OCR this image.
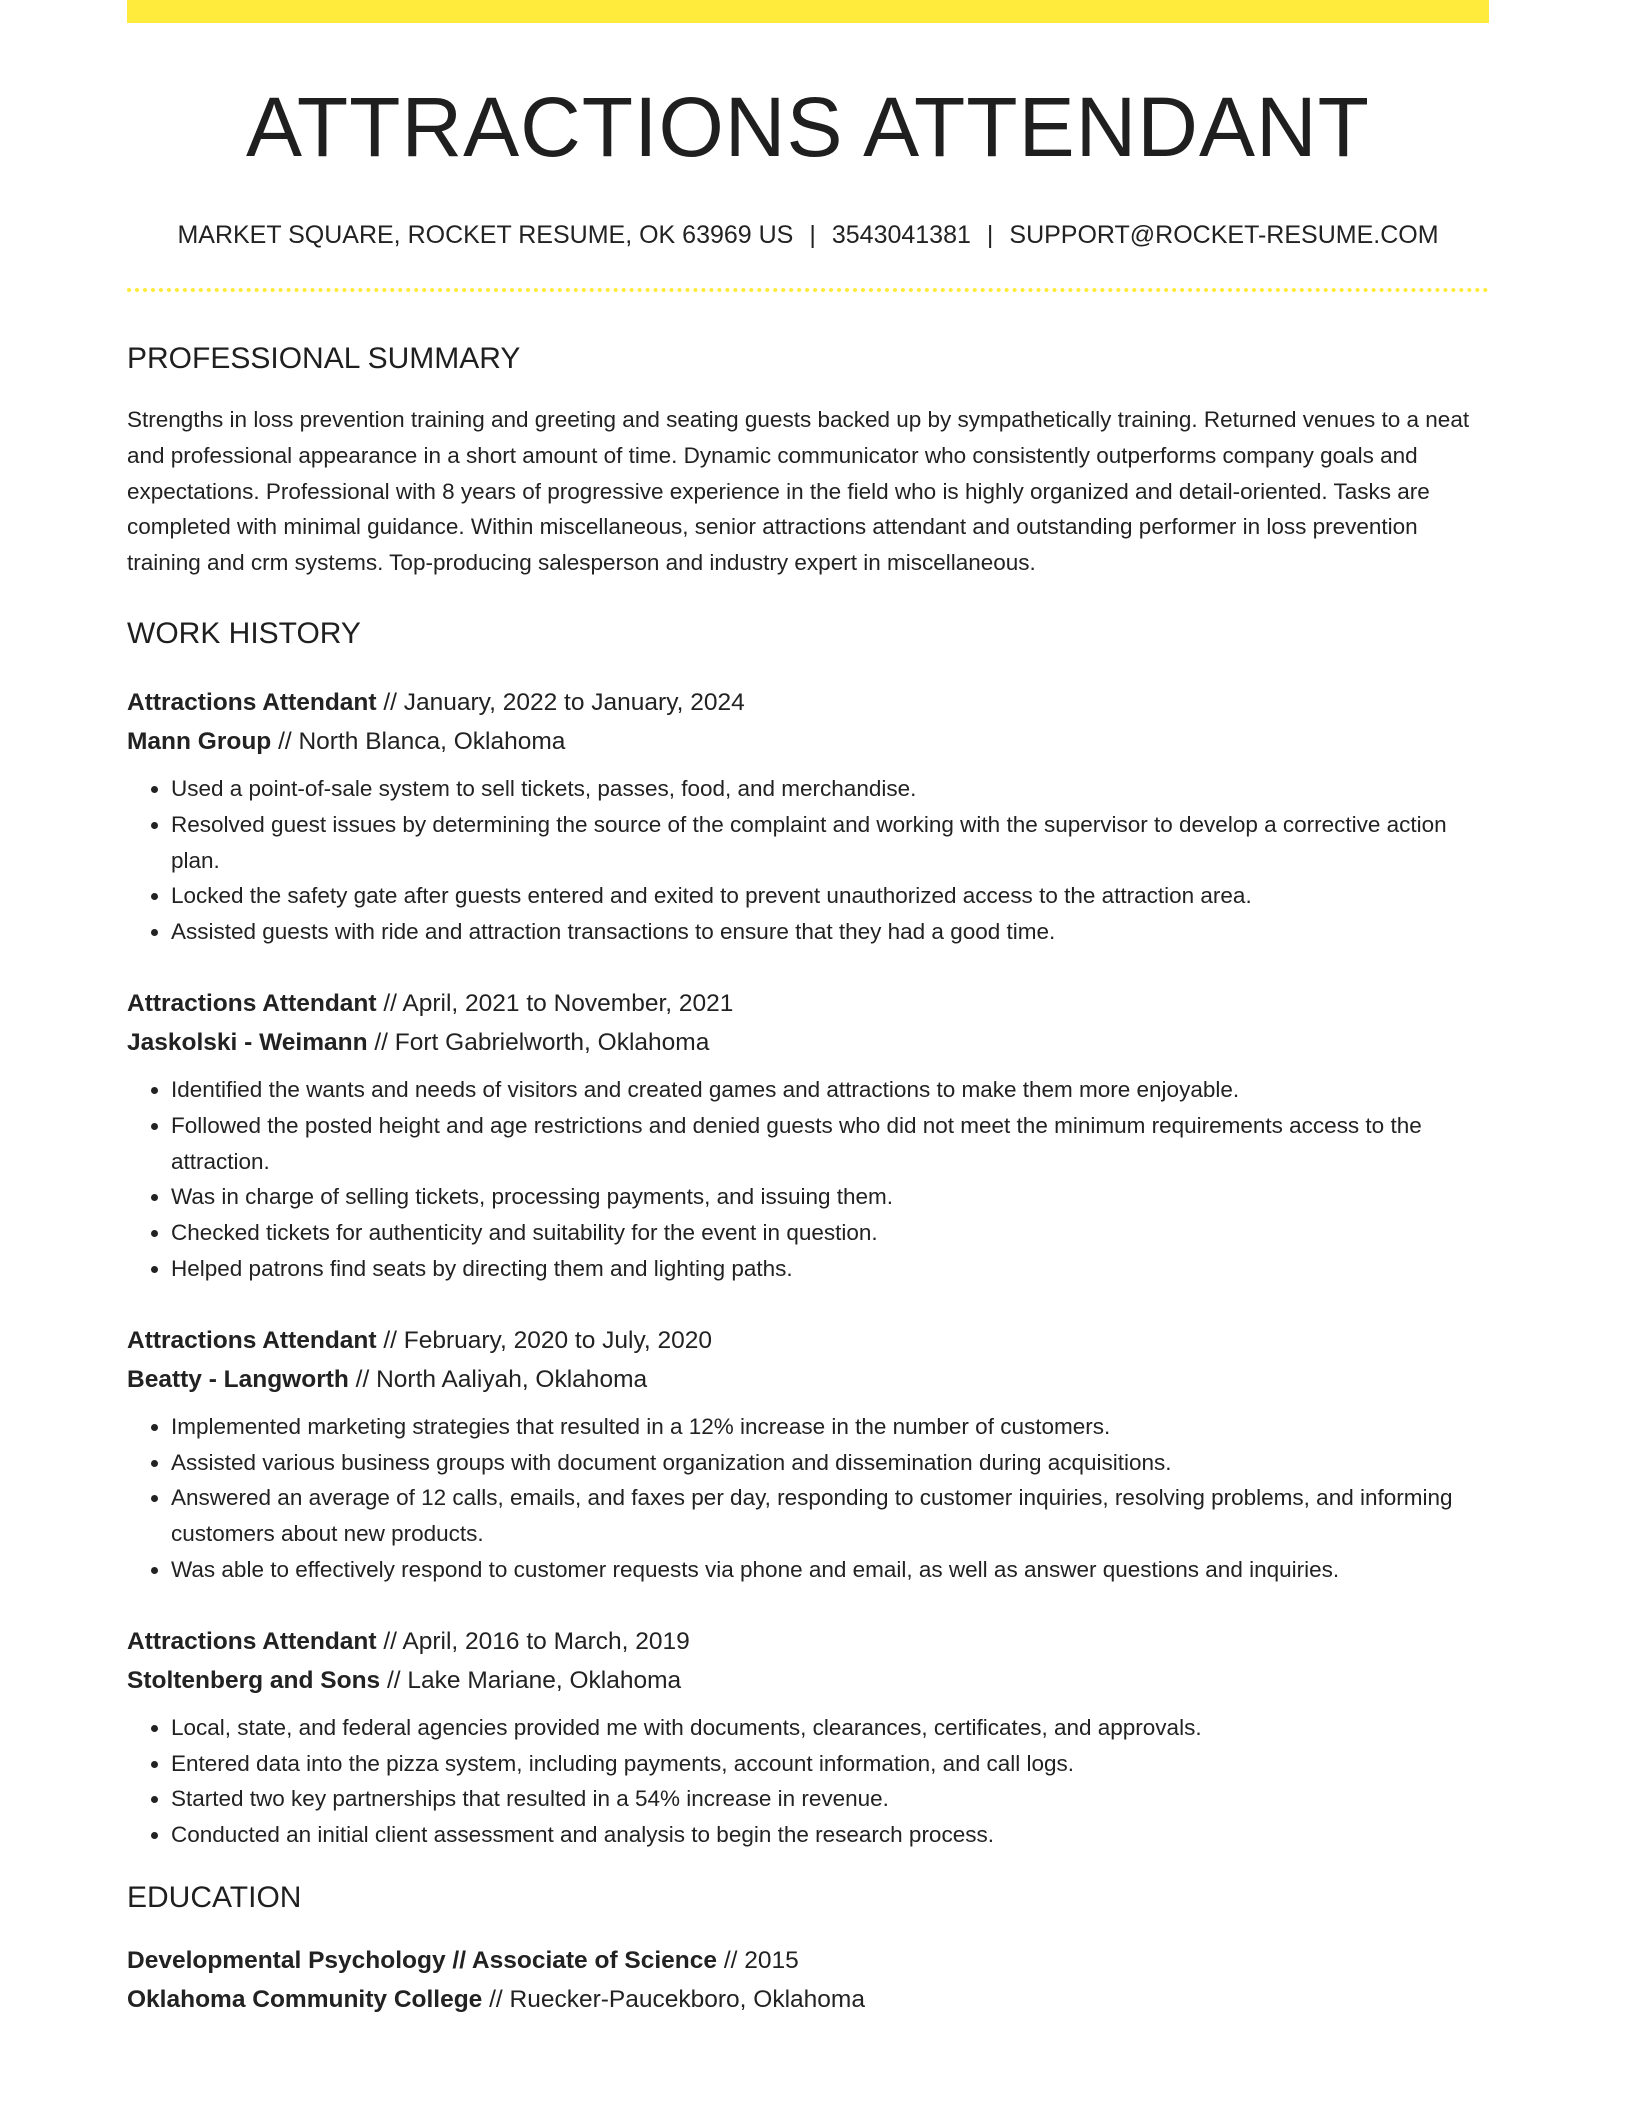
ATTRACTIONS ATTENDANT
MARKET SQUARE, ROCKET RESUME, OK 63969 US | 3543041381 | SUPPORT@ROCKET-RESUME.COM
PROFESSIONAL SUMMARY
Strengths in loss prevention training and greeting and seating guests backed up by sympathetically training. Returned venues to a neat and professional appearance in a short amount of time. Dynamic communicator who consistently outperforms company goals and expectations. Professional with 8 years of progressive experience in the field who is highly organized and detail-oriented. Tasks are completed with minimal guidance. Within miscellaneous, senior attractions attendant and outstanding performer in loss prevention training and crm systems. Top-producing salesperson and industry expert in miscellaneous.
WORK HISTORY
Attractions Attendant // January, 2022 to January, 2024
Mann Group // North Blanca, Oklahoma
• Used a point-of-sale system to sell tickets, passes, food, and merchandise.
• Resolved guest issues by determining the source of the complaint and working with the supervisor to develop a corrective action plan.
• Locked the safety gate after guests entered and exited to prevent unauthorized access to the attraction area.
• Assisted guests with ride and attraction transactions to ensure that they had a good time.
Attractions Attendant // April, 2021 to November, 2021
Jaskolski - Weimann // Fort Gabrielworth, Oklahoma
• Identified the wants and needs of visitors and created games and attractions to make them more enjoyable.
• Followed the posted height and age restrictions and denied guests who did not meet the minimum requirements access to the attraction.
• Was in charge of selling tickets, processing payments, and issuing them.
• Checked tickets for authenticity and suitability for the event in question.
• Helped patrons find seats by directing them and lighting paths.
Attractions Attendant // February, 2020 to July, 2020
Beatty - Langworth // North Aaliyah, Oklahoma
• Implemented marketing strategies that resulted in a 12% increase in the number of customers.
• Assisted various business groups with document organization and dissemination during acquisitions.
• Answered an average of 12 calls, emails, and faxes per day, responding to customer inquiries, resolving problems, and informing customers about new products.
• Was able to effectively respond to customer requests via phone and email, as well as answer questions and inquiries.
Attractions Attendant // April, 2016 to March, 2019
Stoltenberg and Sons // Lake Mariane, Oklahoma
• Local, state, and federal agencies provided me with documents, clearances, certificates, and approvals.
• Entered data into the pizza system, including payments, account information, and call logs.
• Started two key partnerships that resulted in a 54% increase in revenue.
• Conducted an initial client assessment and analysis to begin the research process.
EDUCATION
Developmental Psychology // Associate of Science // 2015
Oklahoma Community College // Ruecker-Paucekboro, Oklahoma
